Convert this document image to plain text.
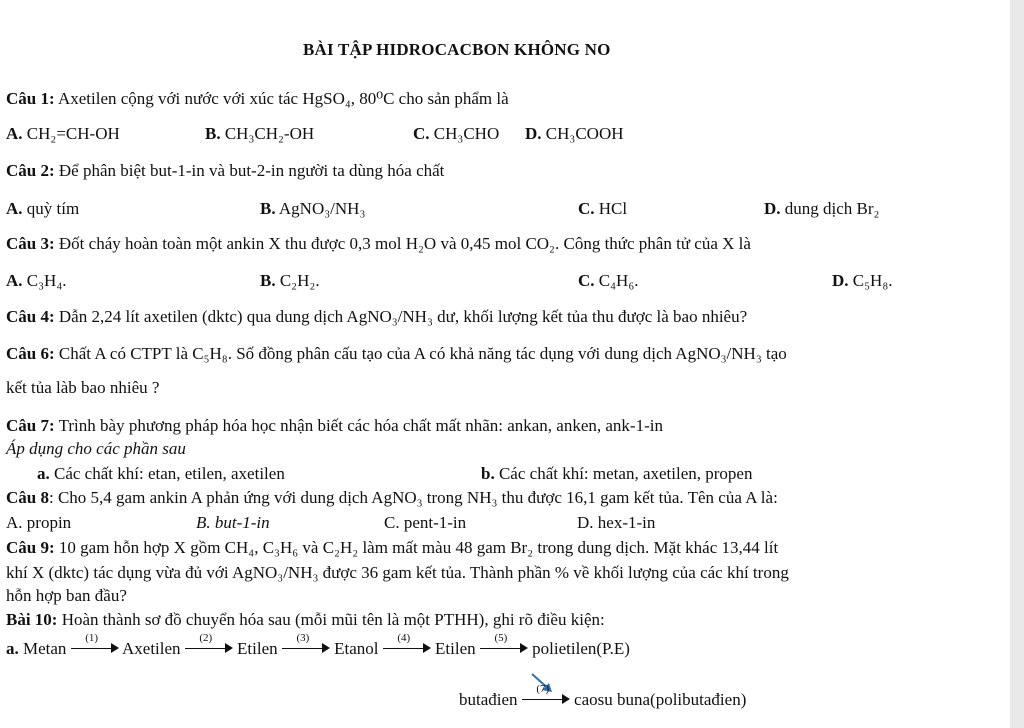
BÀI TẬP HIDROCACBON KHÔNG NO
Câu 1: Axetilen cộng với nước với xúc tác HgSO₄, 80⁰C cho sản phẩm là
A. CH₂=CH-OH	B. CH₃CH₂-OH	C. CH₃CHO D. CH₃COOH
Câu 2: Để phân biệt but-1-in và but-2-in người ta dùng hóa chất
A. quỳ tím	B. AgNO₃/NH₃	C. HCl	D. dung dịch Br₂
Câu 3: Đốt cháy hoàn toàn một ankin X thu được 0,3 mol H₂O và 0,45 mol CO₂. Công thức phân tử của X là
A. C₃H₄.	B. C₂H₂.	C. C₄H₆.	D. C₅H₈.
Câu 4: Dẫn 2,24 lít axetilen (dktc) qua dung dịch AgNO₃/NH₃ dư, khối lượng kết tủa thu được là bao nhiêu?
Câu 6: Chất A có CTPT là C₅H₈. Số đồng phân cấu tạo của A có khả năng tác dụng với dung dịch AgNO₃/NH₃ tạo
kết tủa làb bao nhiêu ?
Câu 7: Trình bày phương pháp hóa học nhận biết các hóa chất mất nhãn: ankan, anken, ank-1-in
Áp dụng cho các phần sau
a. Các chất khí: etan, etilen, axetilen	b. Các chất khí: metan, axetilen, propen
Câu 8: Cho 5,4 gam ankin A phản ứng với dung dịch AgNO₃ trong NH₃ thu được 16,1 gam kết tủa. Tên của A là:
A. propin	B. but-1-in	C. pent-1-in	D. hex-1-in
Câu 9: 10 gam hỗn hợp X gồm CH₄, C₃H₆ và C₂H₂ làm mất màu 48 gam Br₂ trong dung dịch. Mặt khác 13,44 lít
khí X (dktc) tác dụng vừa đủ với AgNO₃/NH₃ được 36 gam kết tủa. Thành phần % về khối lượng của các khí trong
hỗn hợp ban đầu?
Bài 10: Hoàn thành sơ đồ chuyển hóa sau (mỗi mũi tên là một PTHH), ghi rõ điều kiện:
a. Metan
(1)
Axetilen
(2)
Etilen
(3)
Etanol
(4)
Etilen
(5)
polietilen(P.E)
butađien
(7)
caosu buna(polibutađien)
